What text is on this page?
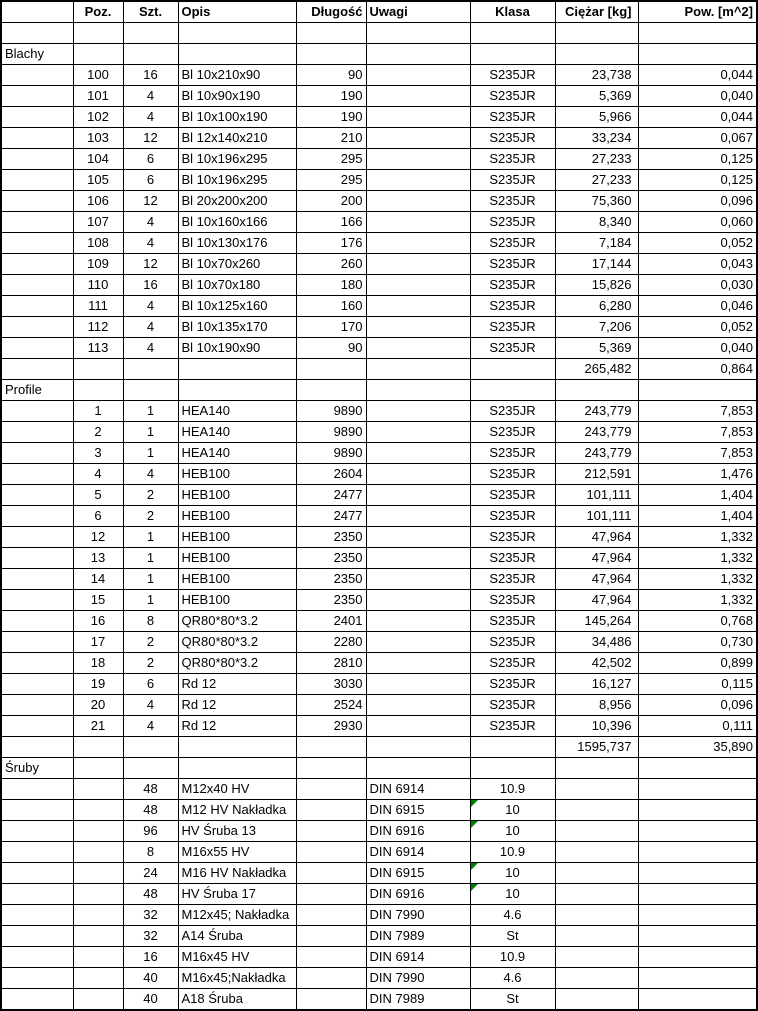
	Poz.	Szt.	Opis	Długość	Uwagi	Klasa	Ciężar [kg]	Pow. [m^2]

Blachy								
	100	16	Bl 10x210x90	90		S235JR	23,738	0,044
	101	4	Bl 10x90x190	190		S235JR	5,369	0,040
	102	4	Bl 10x100x190	190		S235JR	5,966	0,044
	103	12	Bl 12x140x210	210		S235JR	33,234	0,067
	104	6	Bl 10x196x295	295		S235JR	27,233	0,125
	105	6	Bl 10x196x295	295		S235JR	27,233	0,125
	106	12	Bl 20x200x200	200		S235JR	75,360	0,096
	107	4	Bl 10x160x166	166		S235JR	8,340	0,060
	108	4	Bl 10x130x176	176		S235JR	7,184	0,052
	109	12	Bl 10x70x260	260		S235JR	17,144	0,043
	110	16	Bl 10x70x180	180		S235JR	15,826	0,030
	111	4	Bl 10x125x160	160		S235JR	6,280	0,046
	112	4	Bl 10x135x170	170		S235JR	7,206	0,052
	113	4	Bl 10x190x90	90		S235JR	5,369	0,040
							265,482	0,864
Profile								
	1	1	HEA140	9890		S235JR	243,779	7,853
	2	1	HEA140	9890		S235JR	243,779	7,853
	3	1	HEA140	9890		S235JR	243,779	7,853
	4	4	HEB100	2604		S235JR	212,591	1,476
	5	2	HEB100	2477		S235JR	101,111	1,404
	6	2	HEB100	2477		S235JR	101,111	1,404
	12	1	HEB100	2350		S235JR	47,964	1,332
	13	1	HEB100	2350		S235JR	47,964	1,332
	14	1	HEB100	2350		S235JR	47,964	1,332
	15	1	HEB100	2350		S235JR	47,964	1,332
	16	8	QR80*80*3.2	2401		S235JR	145,264	0,768
	17	2	QR80*80*3.2	2280		S235JR	34,486	0,730
	18	2	QR80*80*3.2	2810		S235JR	42,502	0,899
	19	6	Rd 12	3030		S235JR	16,127	0,115
	20	4	Rd 12	2524		S235JR	8,956	0,096
	21	4	Rd 12	2930		S235JR	10,396	0,111
							1595,737	35,890
Śruby								
		48	M12x40 HV		DIN 6914	10.9		
		48	M12 HV Nakładka		DIN 6915	10		
		96	HV Śruba 13		DIN 6916	10		
		8	M16x55 HV		DIN 6914	10.9		
		24	M16 HV Nakładka		DIN 6915	10		
		48	HV Śruba 17		DIN 6916	10		
		32	M12x45; Nakładka		DIN 7990	4.6		
		32	A14 Śruba		DIN 7989	St		
		16	M16x45 HV		DIN 6914	10.9		
		40	M16x45;Nakładka		DIN 7990	4.6		
		40	A18 Śruba		DIN 7989	St		
